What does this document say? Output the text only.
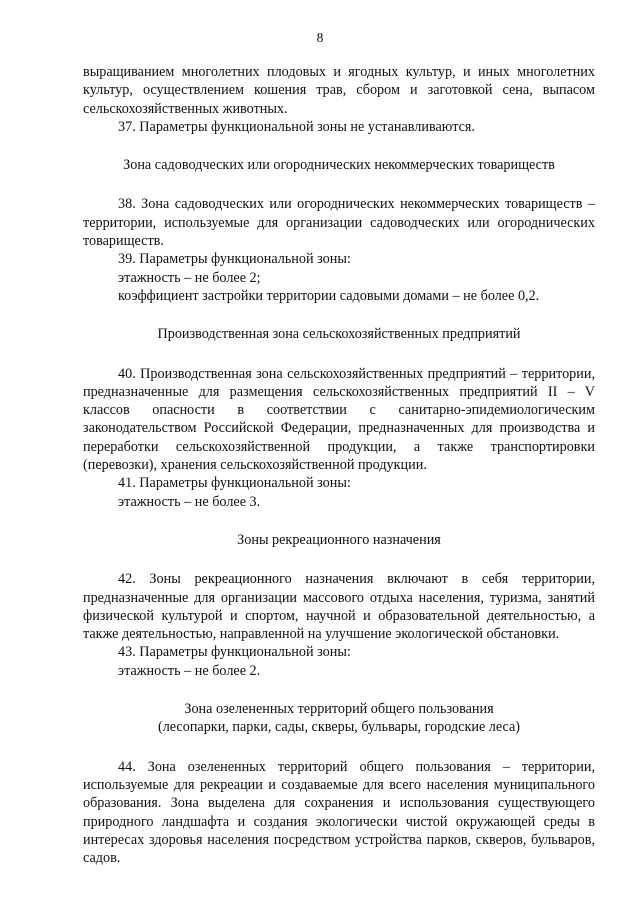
8

выращиванием многолетних плодовых и ягодных культур, и иных многолетних культур, осуществлением кошения трав, сбором и заготовкой сена, выпасом сельскохозяйственных животных.

37. Параметры функциональной зоны не устанавливаются.

Зона садоводческих или огороднических некоммерческих товариществ

38. Зона садоводческих или огороднических некоммерческих товариществ – территории, используемые для организации садоводческих или огороднических товариществ.

39. Параметры функциональной зоны:

этажность – не более 2;

коэффициент застройки территории садовыми домами – не более 0,2.

Производственная зона сельскохозяйственных предприятий

40. Производственная зона сельскохозяйственных предприятий – территории, предназначенные для размещения сельскохозяйственных предприятий II – V классов опасности в соответствии с санитарно-эпидемиологическим законодательством Российской Федерации, предназначенных для производства и переработки сельскохозяйственной продукции, а также транспортировки (перевозки), хранения сельскохозяйственной продукции.

41. Параметры функциональной зоны:

этажность – не более 3.

Зоны рекреационного назначения

42. Зоны рекреационного назначения включают в себя территории, предназначенные для организации массового отдыха населения, туризма, занятий физической культурой и спортом, научной и образовательной деятельностью, а также деятельностью, направленной на улучшение экологической обстановки.

43. Параметры функциональной зоны:

этажность – не более 2.

Зона озелененных территорий общего пользования
(лесопарки, парки, сады, скверы, бульвары, городские леса)

44. Зона озелененных территорий общего пользования – территории, используемые для рекреации и создаваемые для всего населения муниципального образования. Зона выделена для сохранения и использования существующего природного ландшафта и создания экологически чистой окружающей среды в интересах здоровья населения посредством устройства парков, скверов, бульваров, садов.
